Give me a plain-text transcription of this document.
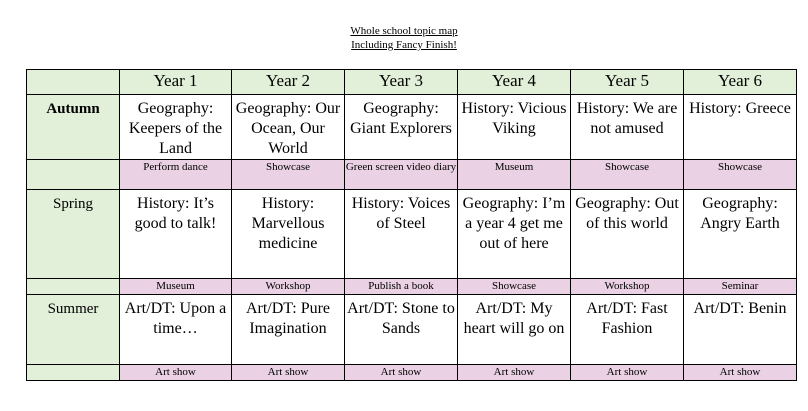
Whole school topic map
Including Fancy Finish!
	Year 1	Year 2	Year 3	Year 4	Year 5	Year 6
Autumn	Geography: Keepers of the Land	Geography: Our Ocean, Our World	Geography: Giant Explorers	History: Vicious Viking	History: We are not amused	History: Greece
	Perform dance	Showcase	Green screen video diary	Museum	Showcase	Showcase
Spring	History: It’s good to talk!	History: Marvellous medicine	History: Voices of Steel	Geography: I’m a year 4 get me out of here	Geography: Out of this world	Geography: Angry Earth
	Museum	Workshop	Publish a book	Showcase	Workshop	Seminar
Summer	Art/DT: Upon a time…	Art/DT: Pure Imagination	Art/DT: Stone to Sands	Art/DT: My heart will go on	Art/DT: Fast Fashion	Art/DT: Benin
	Art show	Art show	Art show	Art show	Art show	Art show
